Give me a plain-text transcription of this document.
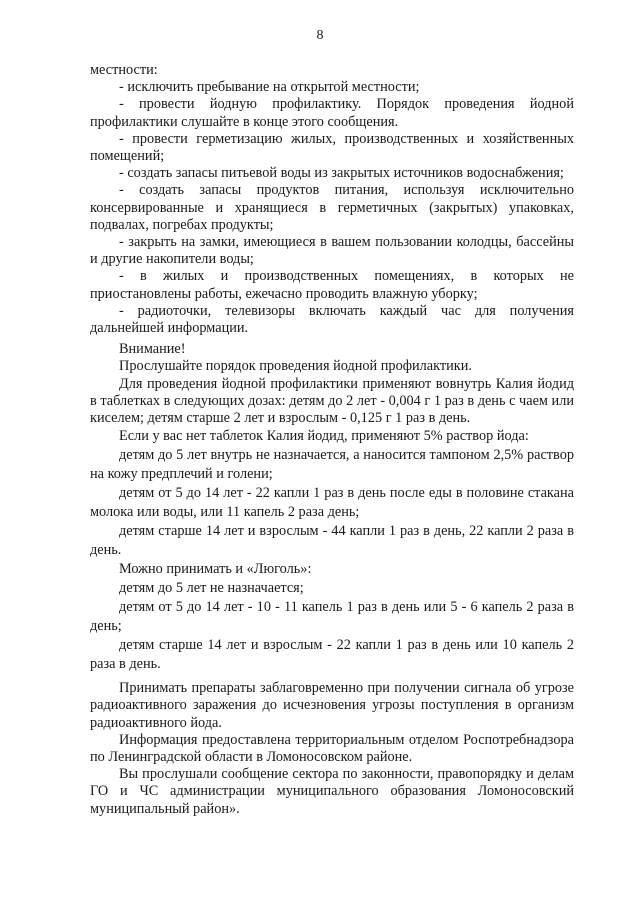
8

местности:

- исключить пребывание на открытой местности;

- провести йодную профилактику. Порядок проведения йодной профилактики слушайте в конце этого сообщения.

- провести герметизацию жилых, производственных и хозяйственных помещений;

- создать запасы питьевой воды из закрытых источников водоснабжения;

- создать запасы продуктов питания, используя исключительно консервированные и хранящиеся в герметичных (закрытых) упаковках, подвалах, погребах продукты;

- закрыть на замки, имеющиеся в вашем пользовании колодцы, бассейны и другие накопители воды;

- в жилых и производственных помещениях, в которых не приостановлены работы, ежечасно проводить влажную уборку;

- радиоточки, телевизоры включать каждый час для получения дальнейшей информации.

Внимание!

Прослушайте порядок проведения йодной профилактики.

Для проведения йодной профилактики применяют вовнутрь Калия йодид в таблетках в следующих дозах: детям до 2 лет - 0,004 г 1 раз в день с чаем или киселем; детям старше 2 лет и взрослым - 0,125 г 1 раз в день.

Если у вас нет таблеток Калия йодид, применяют 5% раствор йода:

детям до 5 лет внутрь не назначается, а наносится тампоном 2,5% раствор на кожу предплечий и голени;

детям от 5 до 14 лет - 22 капли 1 раз в день после еды в половине стакана молока или воды, или 11 капель 2 раза день;

детям старше 14 лет и взрослым - 44 капли 1 раз в день, 22 капли 2 раза в день.

Можно принимать и «Люголь»:

детям до 5 лет не назначается;

детям от 5 до 14 лет - 10 - 11 капель 1 раз в день или 5 - 6 капель 2 раза в день;

детям старше 14 лет и взрослым - 22 капли 1 раз в день или 10 капель 2 раза в день.

Принимать препараты заблаговременно при получении сигнала об угрозе радиоактивного заражения до исчезновения угрозы поступления в организм радиоактивного йода.

Информация предоставлена территориальным отделом Роспотребнадзора по Ленинградской области в Ломоносовском районе.

Вы прослушали сообщение сектора по законности, правопорядку и делам ГО и ЧС администрации муниципального образования Ломоносовский муниципальный район».
